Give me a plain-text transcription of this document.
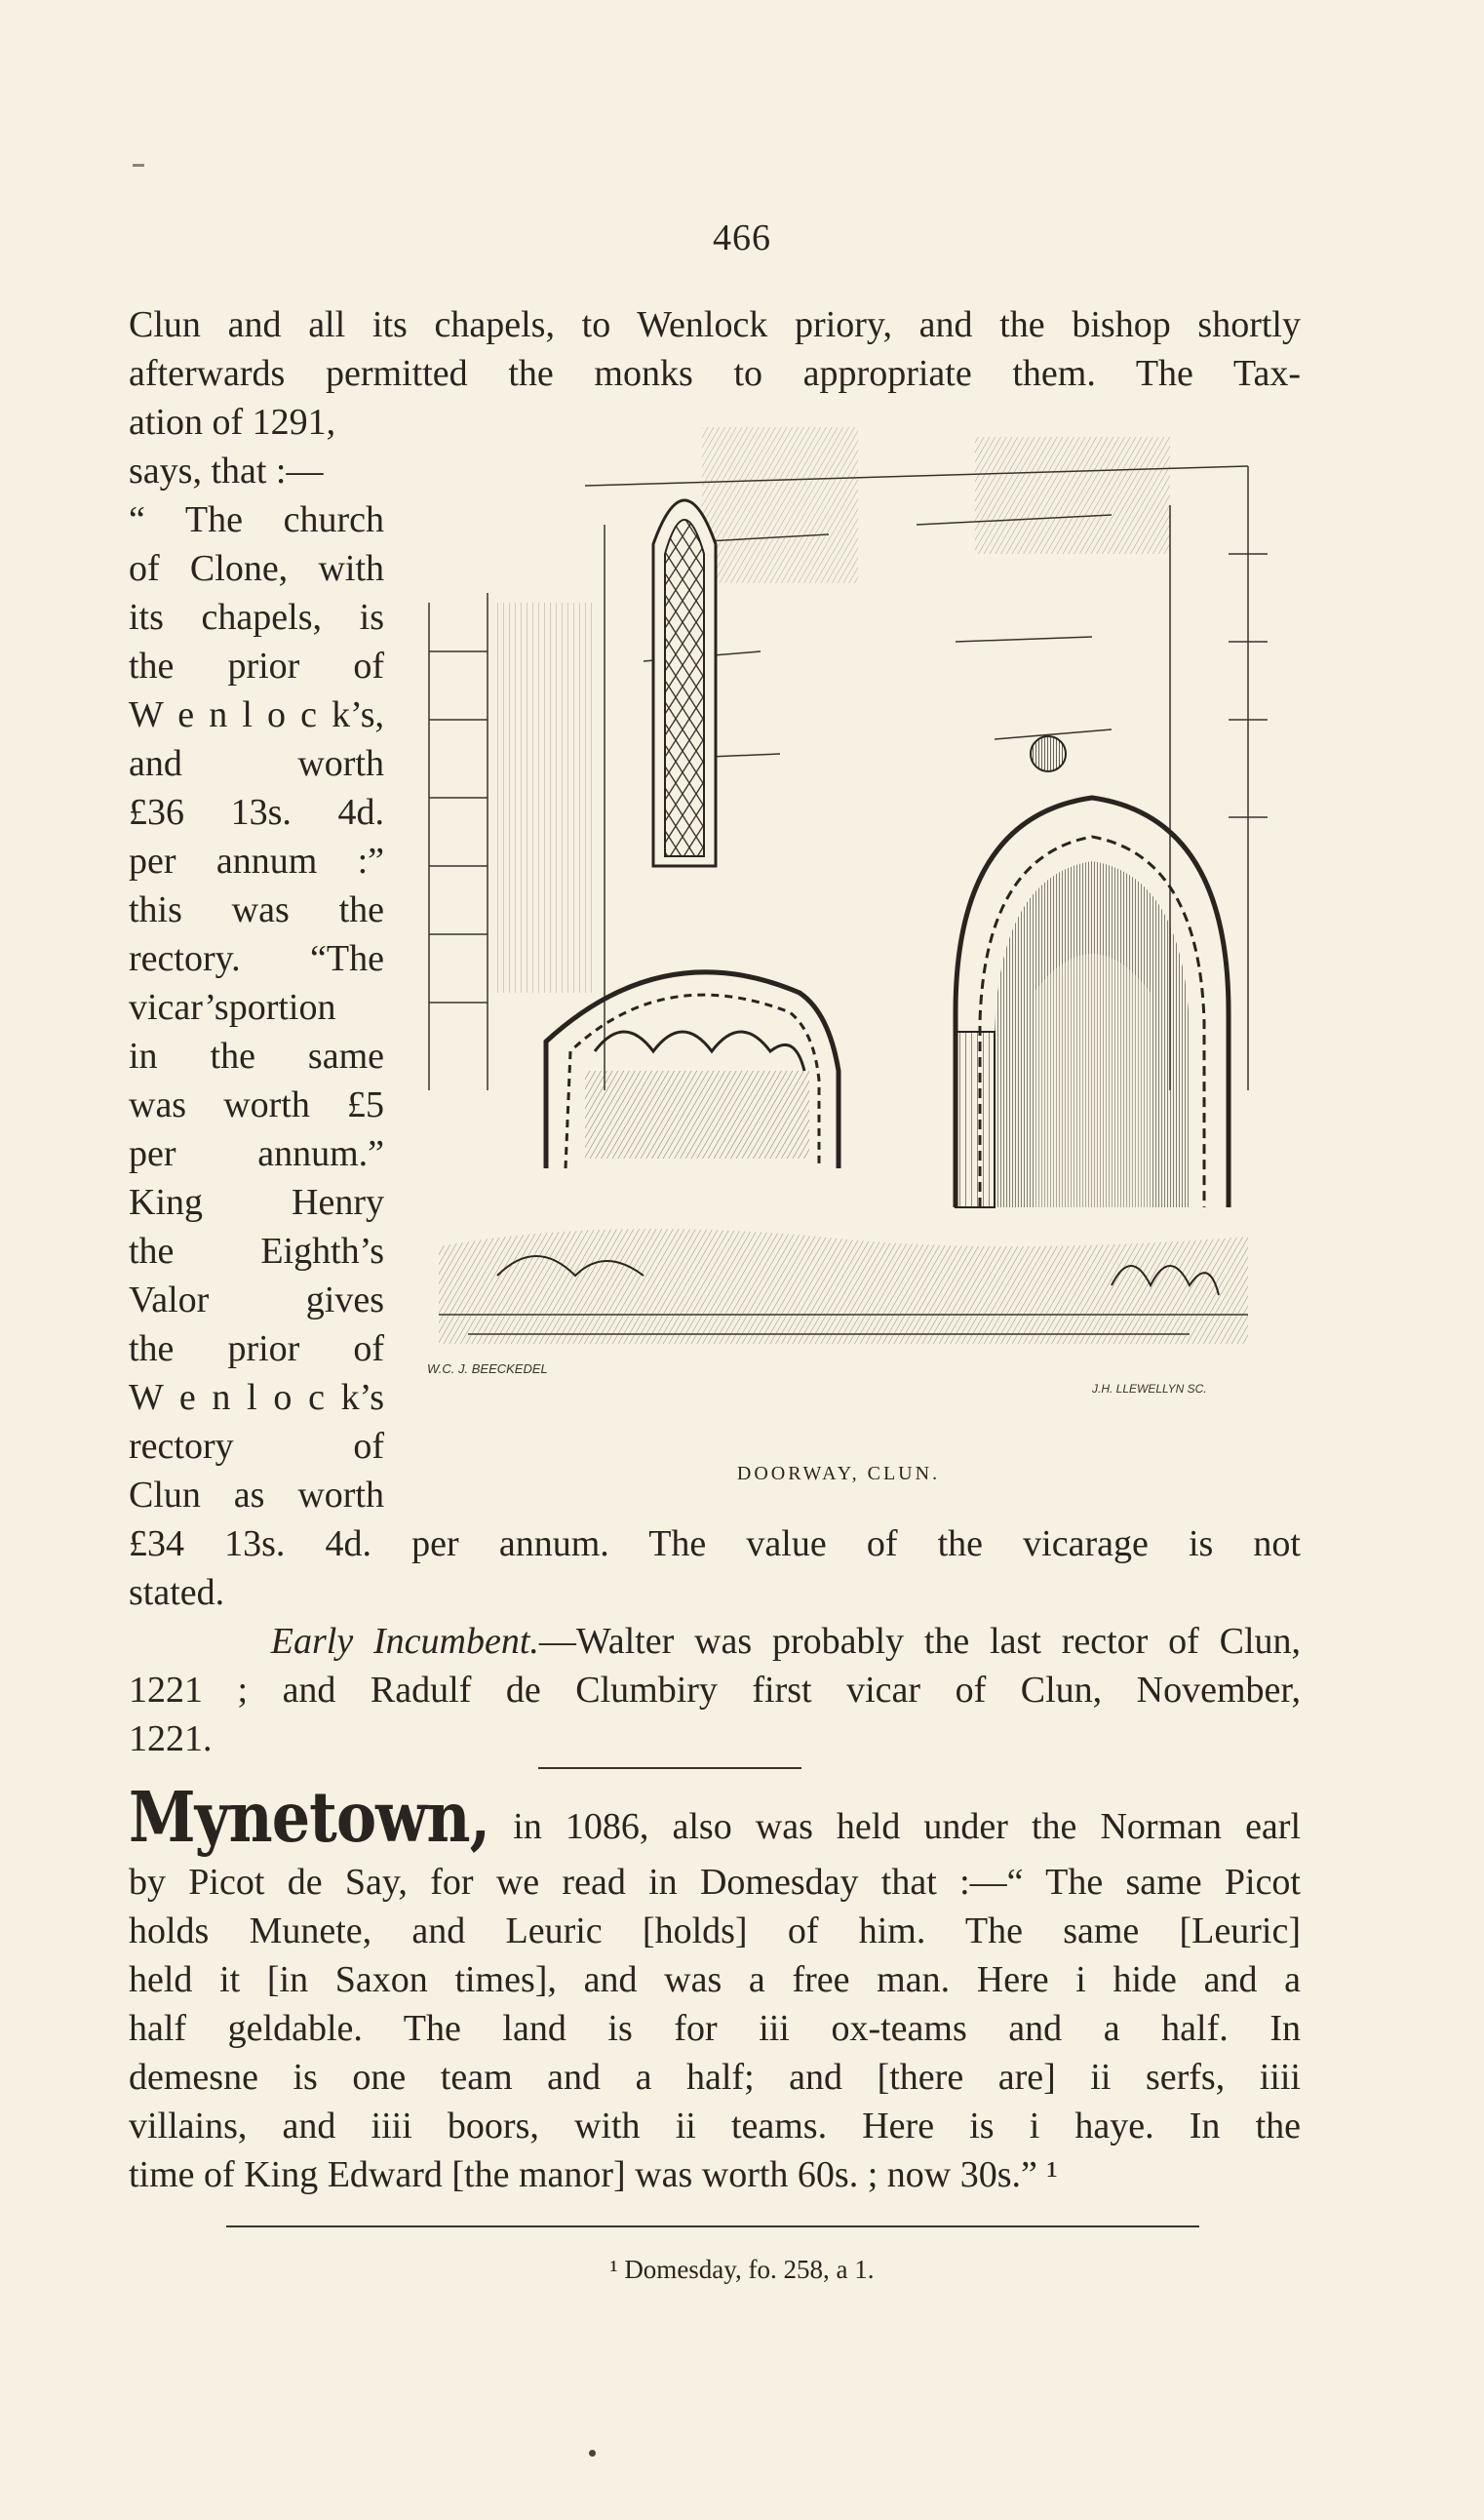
466
Clun and all its chapels, to Wenlock priory, and the bishop shortly
afterwards permitted the monks to appropriate them. The Tax-
ation of 1291,
says, that :—
“ The church
of Clone, with
its chapels, is
the prior of
W e n l o c k’s,
and worth
£36 13s. 4d.
per annum :”
this was the
rectory. “The
vicar’sportion
in the same
was worth £5
per annum.”
King Henry
the Eighth’s
Valor gives
the prior of
W e n l o c k’s
rectory of
Clun as worth
W.C. J. BEECKEDEL
J.H. LLEWELLYN SC.
DOORWAY, CLUN.
£34 13s. 4d. per annum. The value of the vicarage is not
stated.
Early Incumbent.—Walter was probably the last rector of Clun,
1221 ; and Radulf de Clumbiry first vicar of Clun, November,
1221.
Mynetown, in 1086, also was held under the Norman earl
by Picot de Say, for we read in Domesday that :—“ The same Picot
holds Munete, and Leuric [holds] of him. The same [Leuric]
held it [in Saxon times], and was a free man. Here i hide and a
half geldable. The land is for iii ox-teams and a half. In
demesne is one team and a half; and [there are] ii serfs, iiii
villains, and iiii boors, with ii teams. Here is i haye. In the
time of King Edward [the manor] was worth 60s. ; now 30s.” ¹
¹ Domesday, fo. 258, a 1.
